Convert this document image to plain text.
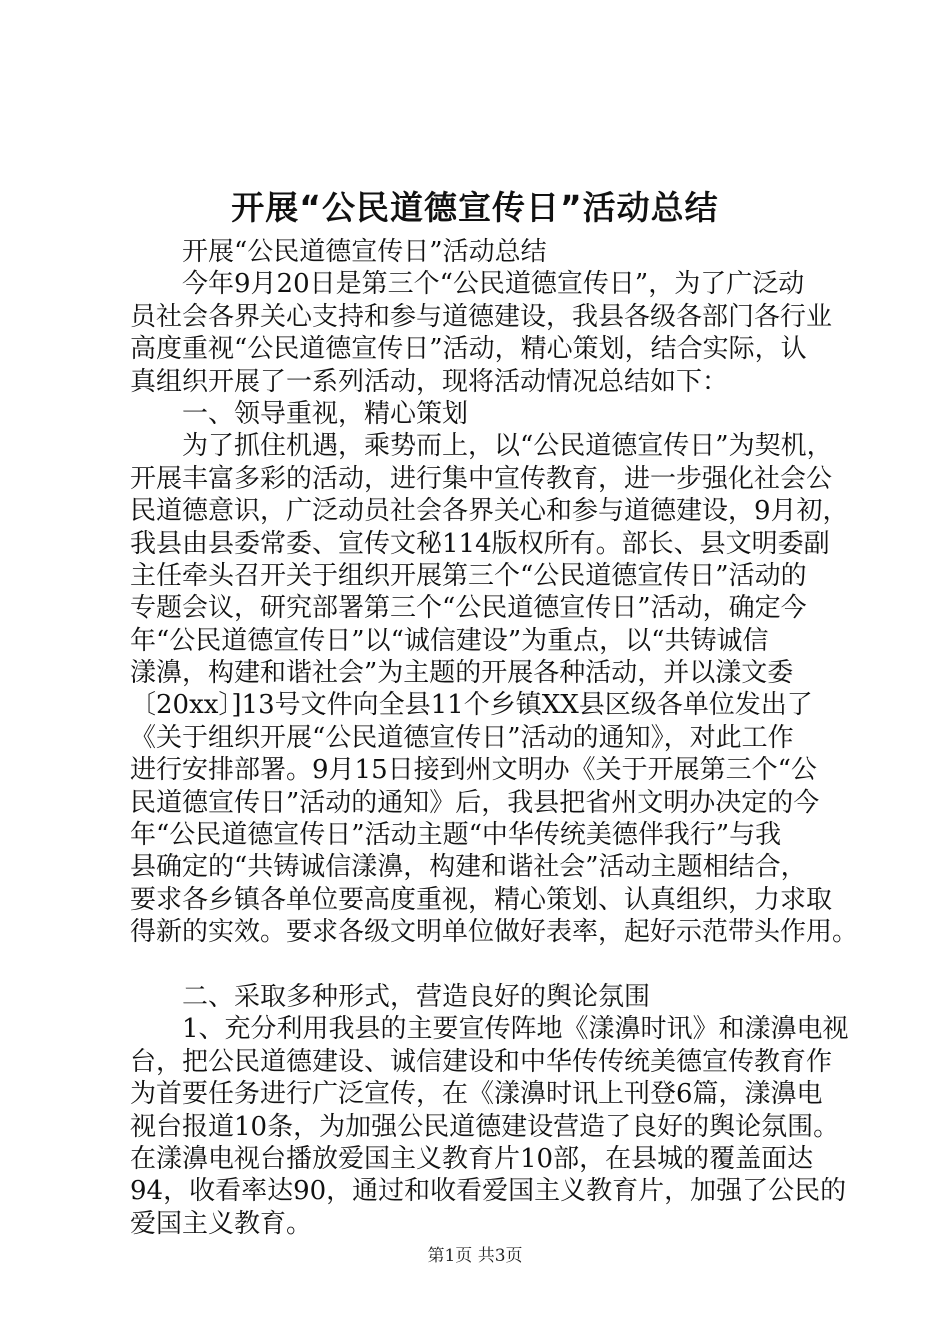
开展“公民道德宣传日”活动总结
开展“公民道德宣传日”活动总结
今年9月20日是第三个“公民道德宣传日”，为了广泛动
员社会各界关心支持和参与道德建设，我县各级各部门各行业
高度重视“公民道德宣传日”活动，精心策划，结合实际，认
真组织开展了一系列活动，现将活动情况总结如下：
一、领导重视，精心策划
为了抓住机遇，乘势而上，以“公民道德宣传日”为契机，
开展丰富多彩的活动，进行集中宣传教育，进一步强化社会公
民道德意识，广泛动员社会各界关心和参与道德建设，9月初，
我县由县委常委、宣传文秘114版权所有。部长、县文明委副
主任牵头召开关于组织开展第三个“公民道德宣传日”活动的
专题会议，研究部署第三个“公民道德宣传日”活动，确定今
年“公民道德宣传日”以“诚信建设”为重点，以“共铸诚信
漾濞，构建和谐社会”为主题的开展各种活动，并以漾文委
〔20xx〕]13号文件向全县11个乡镇XX县区级各单位发出了
《关于组织开展“公民道德宣传日”活动的通知》，对此工作
进行安排部署。9月15日接到州文明办《关于开展第三个“公
民道德宣传日”活动的通知》后，我县把省州文明办决定的今
年“公民道德宣传日”活动主题“中华传统美德伴我行”与我
县确定的“共铸诚信漾濞，构建和谐社会”活动主题相结合，
要求各乡镇各单位要高度重视，精心策划、认真组织，力求取
得新的实效。要求各级文明单位做好表率，起好示范带头作用。
二、采取多种形式，营造良好的舆论氛围
1、充分利用我县的主要宣传阵地《漾濞时讯》和漾濞电视
台，把公民道德建设、诚信建设和中华传传统美德宣传教育作
为首要任务进行广泛宣传，在《漾濞时讯上刊登6篇，漾濞电
视台报道10条，为加强公民道德建设营造了良好的舆论氛围。
在漾濞电视台播放爱国主义教育片10部，在县城的覆盖面达
94，收看率达90，通过和收看爱国主义教育片，加强了公民的
爱国主义教育。
第1页 共3页
